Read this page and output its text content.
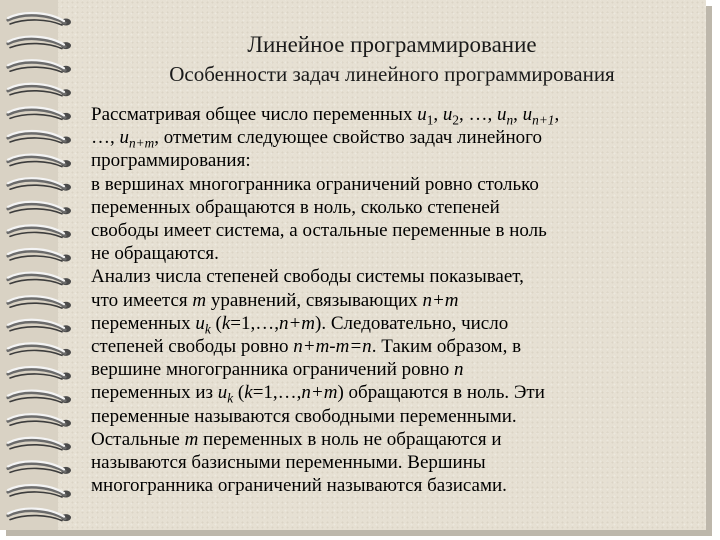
Линейное программирование
Особенности задач линейного программирования
Рассматривая общее число переменных $u_1$, $u_2$, …, $u_n$, $u_{n+1}$,
…, $u_{n+m}$, отметим следующее свойство задач линейного
программирования:
в вершинах многогранника ограничений ровно столько
переменных обращаются в ноль, сколько степеней
свободы имеет система, а остальные переменные в ноль
не обращаются.
Анализ числа степеней свободы системы показывает,
что имеется m уравнений, связывающих n+m
переменных $u_k$ (k=1,…,n+m). Следовательно, число
степеней свободы ровно n+m-m=n. Таким образом, в
вершине многогранника ограничений ровно n
переменных из $u_k$ (k=1,…,n+m) обращаются в ноль. Эти
переменные называются свободными переменными.
Остальные m переменных в ноль не обращаются и
называются базисными переменными. Вершины
многогранника ограничений называются базисами.
